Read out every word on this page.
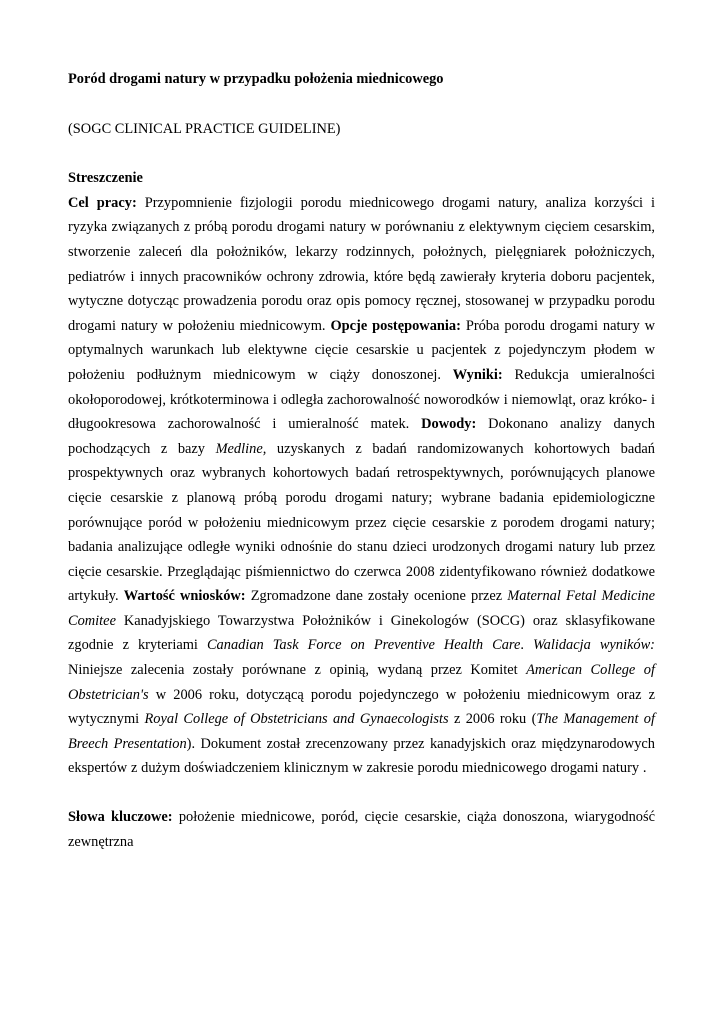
Poród drogami natury w przypadku położenia miednicowego

(SOGC CLINICAL PRACTICE GUIDELINE)

Streszczenie

Cel pracy: Przypomnienie fizjologii porodu miednicowego drogami natury, analiza korzyści i ryzyka związanych z próbą porodu drogami natury w porównaniu z elektywnym cięciem cesarskim, stworzenie zaleceń dla położników, lekarzy rodzinnych, położnych, pielęgniarek położniczych, pediatrów i innych pracowników ochrony zdrowia, które będą zawierały kryteria doboru pacjentek, wytyczne dotycząc prowadzenia porodu oraz opis pomocy ręcznej, stosowanej w przypadku porodu drogami natury w położeniu miednicowym. Opcje postępowania: Próba porodu drogami natury w optymalnych warunkach lub elektywne cięcie cesarskie u pacjentek z pojedynczym płodem w położeniu podłużnym miednicowym w ciąży donoszonej. Wyniki: Redukcja umieralności okołoporodowej, krótkoterminowa i odległa zachorowalność noworodków i niemowląt, oraz króko- i długookresowa zachorowalność i umieralność matek. Dowody: Dokonano analizy danych pochodzących z bazy Medline, uzyskanych z badań randomizowanych kohortowych badań prospektywnych oraz wybranych kohortowych badań retrospektywnych, porównujących planowe cięcie cesarskie z planową próbą porodu drogami natury; wybrane badania epidemiologiczne porównujące poród w położeniu miednicowym przez cięcie cesarskie z porodem drogami natury; badania analizujące odległe wyniki odnośnie do stanu dzieci urodzonych drogami natury lub przez cięcie cesarskie. Przeglądając piśmiennictwo do czerwca 2008 zidentyfikowano również dodatkowe artykuły. Wartość wniosków: Zgromadzone dane zostały ocenione przez Maternal Fetal Medicine Comitee Kanadyjskiego Towarzystwa Położników i Ginekologów (SOCG) oraz sklasyfikowane zgodnie z kryteriami Canadian Task Force on Preventive Health Care. Walidacja wyników: Niniejsze zalecenia zostały porównane z opinią, wydaną przez Komitet American College of Obstetrician's w 2006 roku, dotyczącą porodu pojedynczego w położeniu miednicowym oraz z wytycznymi Royal College of Obstetricians and Gynaecologists z 2006 roku (The Management of Breech Presentation). Dokument został zrecenzowany przez kanadyjskich oraz międzynarodowych ekspertów z dużym doświadczeniem klinicznym w zakresie porodu miednicowego drogami natury .

Słowa kluczowe: położenie miednicowe, poród, cięcie cesarskie, ciąża donoszona, wiarygodność zewnętrzna
